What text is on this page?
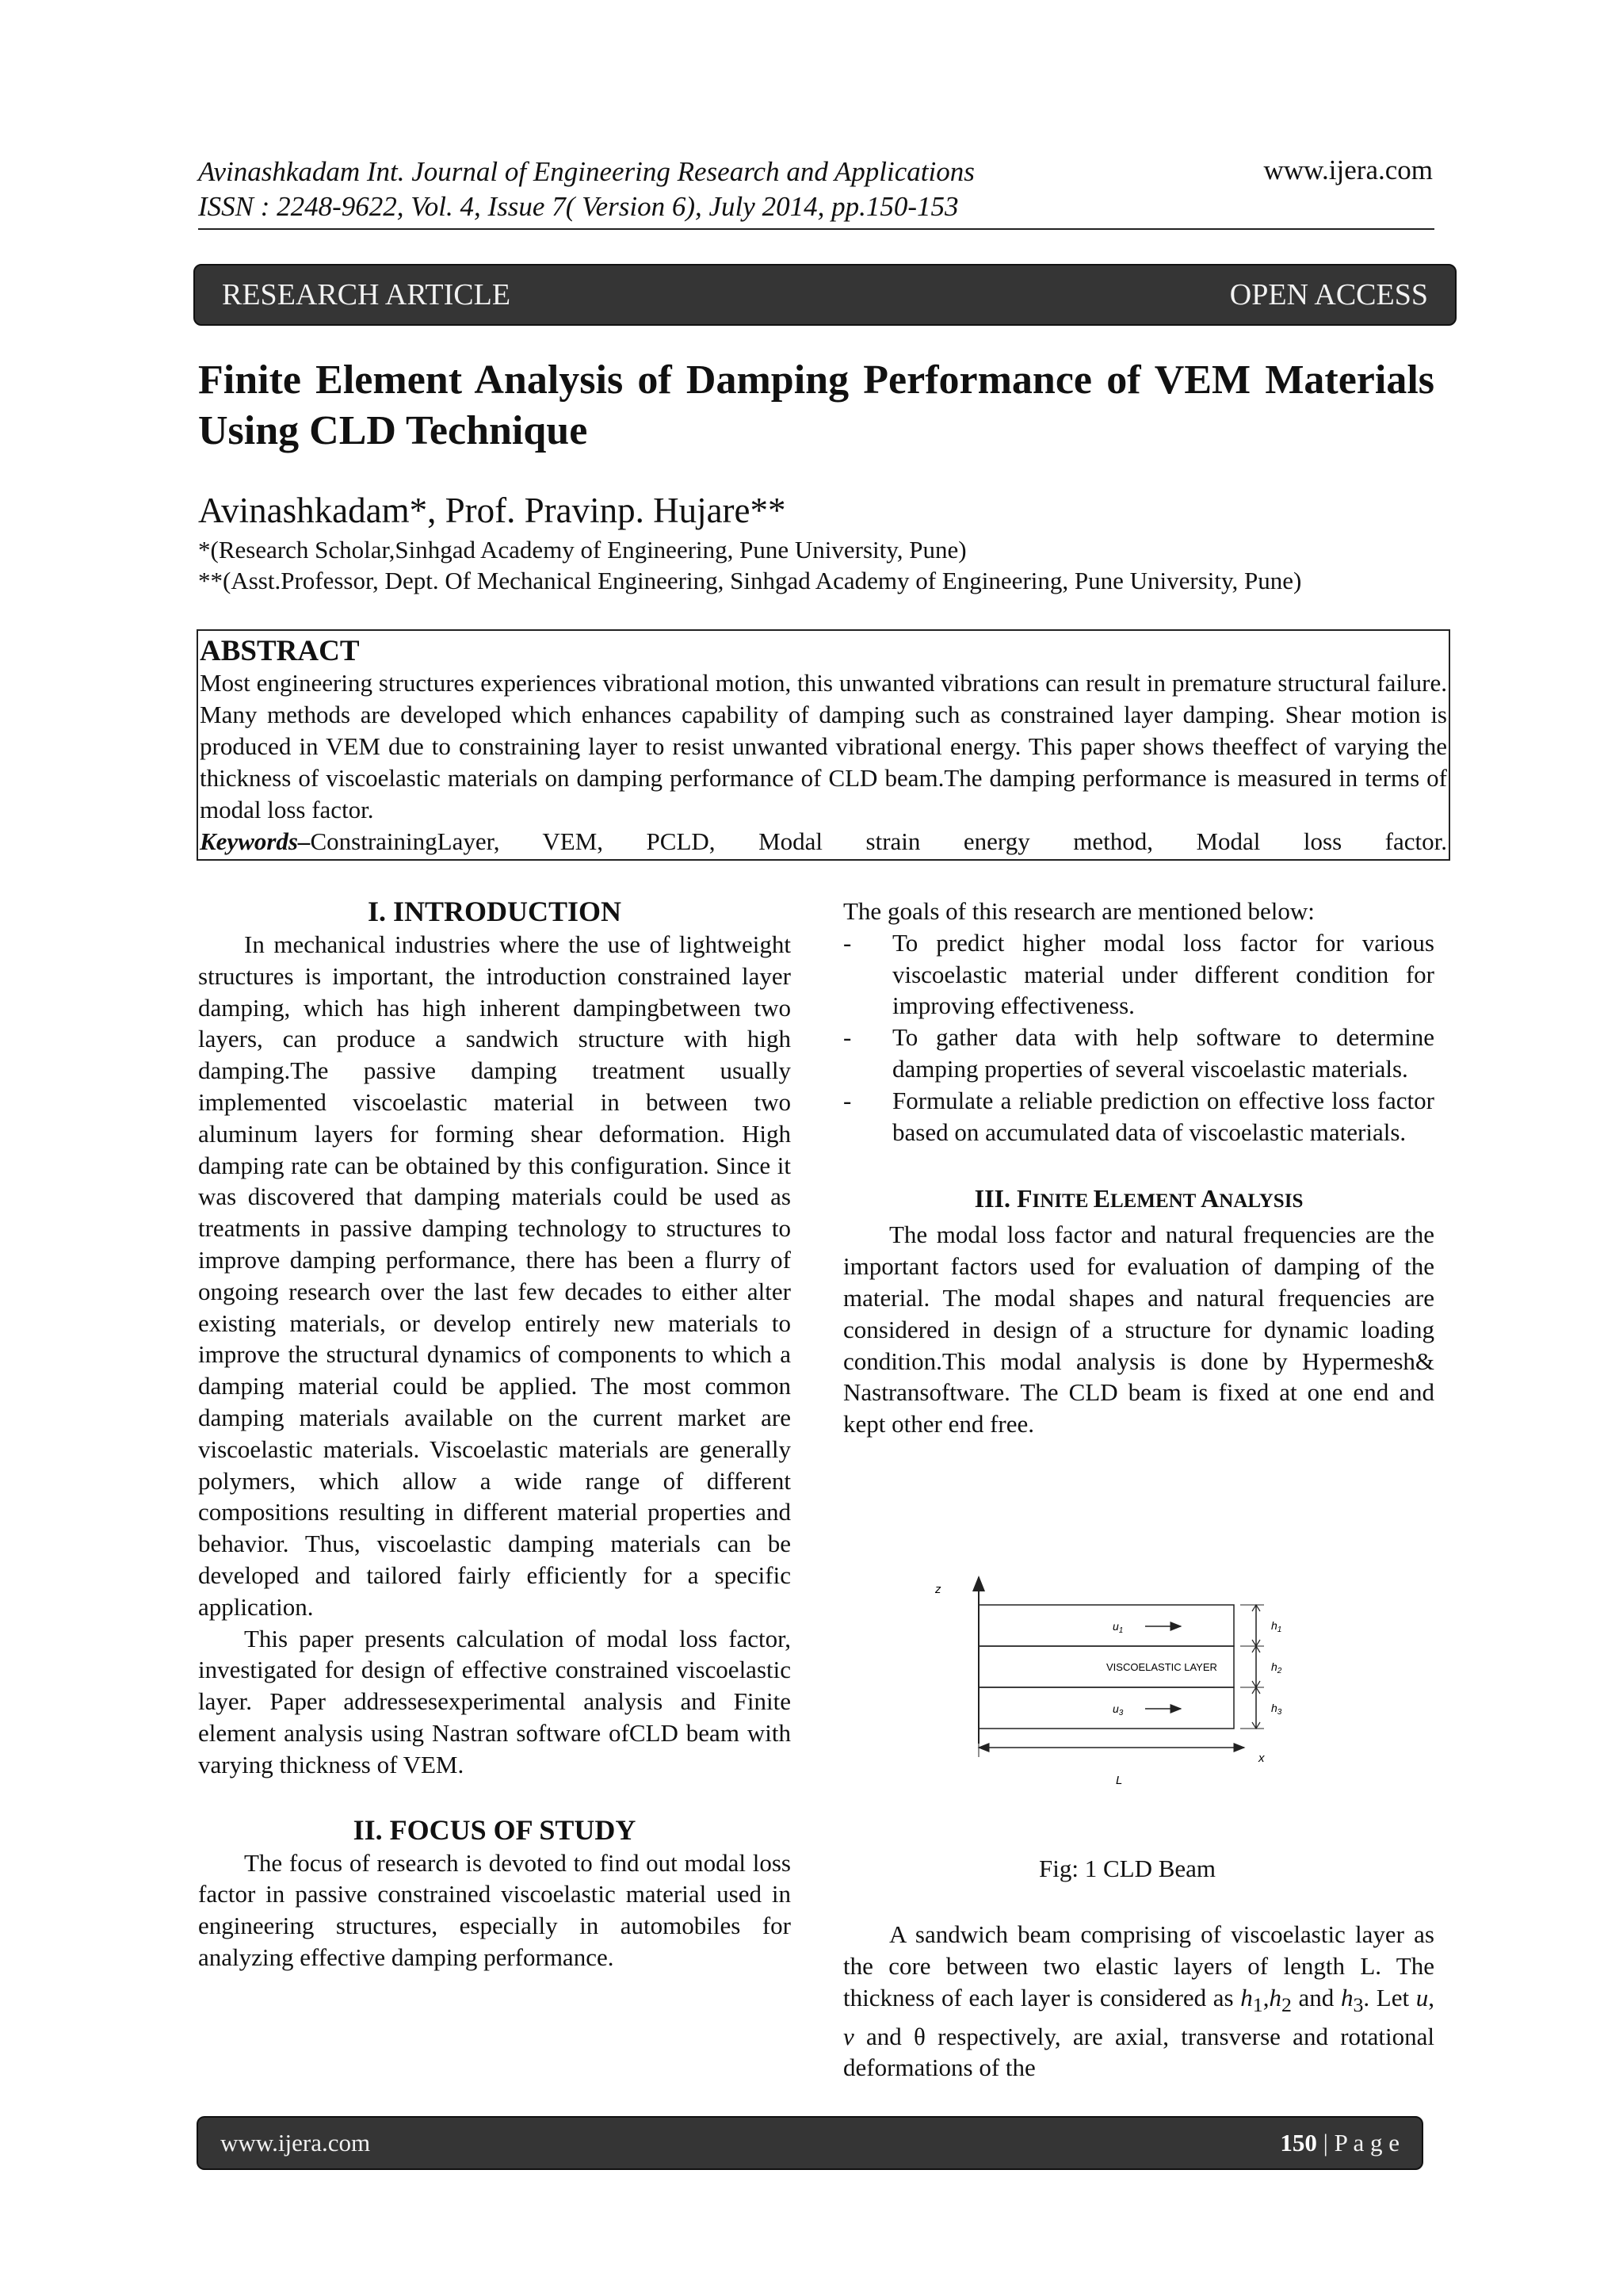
Avinashkadam Int. Journal of Engineering Research and Applications
ISSN : 2248-9622, Vol. 4, Issue 7( Version 6), July 2014, pp.150-153
www.ijera.com
RESEARCH ARTICLE	OPEN ACCESS
Finite Element Analysis of Damping Performance of VEM Materials Using CLD Technique
Avinashkadam*, Prof. Pravinp. Hujare**
*(Research Scholar,Sinhgad Academy of Engineering, Pune University, Pune)
**(Asst.Professor, Dept. Of Mechanical Engineering, Sinhgad Academy of Engineering, Pune University, Pune)
ABSTRACT

Most engineering structures experiences vibrational motion, this unwanted vibrations can result in premature structural failure. Many methods are developed which enhances capability of damping such as constrained layer damping. Shear motion is produced in VEM due to constraining layer to resist unwanted vibrational energy. This paper shows theeffect of varying the thickness of viscoelastic materials on damping performance of CLD beam.The damping performance is measured in terms of modal loss factor.

Keywords–ConstrainingLayer, VEM, PCLD, Modal strain energy method, Modal loss factor.
I. INTRODUCTION

In mechanical industries where the use of lightweight structures is important, the introduction constrained layer damping, which has high inherent dampingbetween two layers, can produce a sandwich structure with high damping.The passive damping treatment usually implemented viscoelastic material in between two aluminum layers for forming shear deformation. High damping rate can be obtained by this configuration. Since it was discovered that damping materials could be used as treatments in passive damping technology to structures to improve damping performance, there has been a flurry of ongoing research over the last few decades to either alter existing materials, or develop entirely new materials to improve the structural dynamics of components to which a damping material could be applied. The most common damping materials available on the current market are viscoelastic materials. Viscoelastic materials are generally polymers, which allow a wide range of different compositions resulting in different material properties and behavior. Thus, viscoelastic damping materials can be developed and tailored fairly efficiently for a specific application.

This paper presents calculation of modal loss factor, investigated for design of effective constrained viscoelastic layer. Paper addressesexperimental analysis and Finite element analysis using Nastran software ofCLD beam with varying thickness of VEM.

II. FOCUS OF STUDY

The focus of research is devoted to find out modal loss factor in passive constrained viscoelastic material used in engineering structures, especially in automobiles for analyzing effective damping performance.

The goals of this research are mentioned below:

- To predict higher modal loss factor for various viscoelastic material under different condition for improving effectiveness.
- To gather data with help software to determine damping properties of several viscoelastic materials.
- Formulate a reliable prediction on effective loss factor based on accumulated data of viscoelastic materials.
III. FINITE ELEMENT ANALYSIS

The modal loss factor and natural frequencies are the important factors used for evaluation of damping of the material. The modal shapes and natural frequencies are considered in design of a structure for dynamic loading condition.This modal analysis is done by Hypermesh& Nastransoftware. The CLD beam is fixed at one end and kept other end free.

z
$u_1$
VISCOELASTIC LAYER
$u_3$
$h_1$
$h_2$
$h_3$
x
L
Fig: 1 CLD Beam

A sandwich beam comprising of viscoelastic layer as the core between two elastic layers of length L. The thickness of each layer is considered as $h_1,h_2$ and $h_3$. Let u, v and θ respectively, are axial, transverse and rotational deformations of the

www.ijera.com	150 | P a g e
